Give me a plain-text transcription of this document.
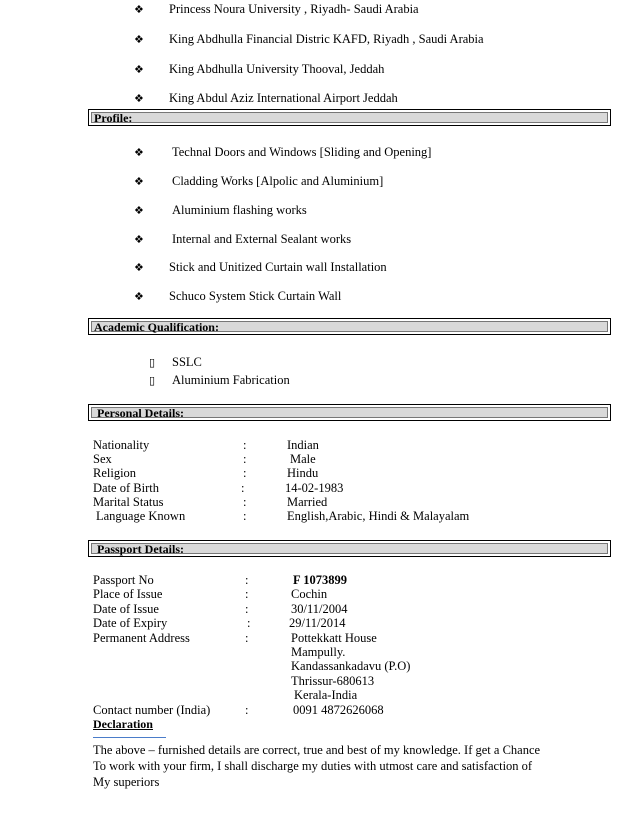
❖ Princess Noura University , Riyadh- Saudi Arabia
❖ King Abdhulla Financial Distric KAFD, Riyadh , Saudi Arabia
❖ King Abdhulla University Thooval, Jeddah
❖ King Abdul Aziz International Airport Jeddah
Profile:
❖ Technal Doors and Windows [Sliding and Opening]
❖ Cladding Works [Alpolic and Aluminium]
❖ Aluminium flashing works
❖ Internal and External Sealant works
❖ Stick and Unitized Curtain wall Installation
❖ Schuco System Stick Curtain Wall
Academic Qualification:
▯ SSLC
▯ Aluminium Fabrication
Personal Details:
Nationality	:	Indian
Sex	:	Male
Religion	:	Hindu
Date of Birth	:	14-02-1983
Marital Status	:	Married
Language Known	:	English,Arabic, Hindi & Malayalam
Passport Details:
Passport No	:	F 1073899
Place of Issue	:	Cochin
Date of Issue	:	30/11/2004
Date of Expiry	:	29/11/2014
Permanent Address	:	Pottekkatt House
Mampully.
Kandassankadavu (P.O)
Thrissur-680613
Kerala-India
Contact number (India)	:	0091 4872626068
Declaration
The above – furnished details are correct, true and best of my knowledge. If get a Chance
To work with your firm, I shall discharge my duties with utmost care and satisfaction of
My superiors
